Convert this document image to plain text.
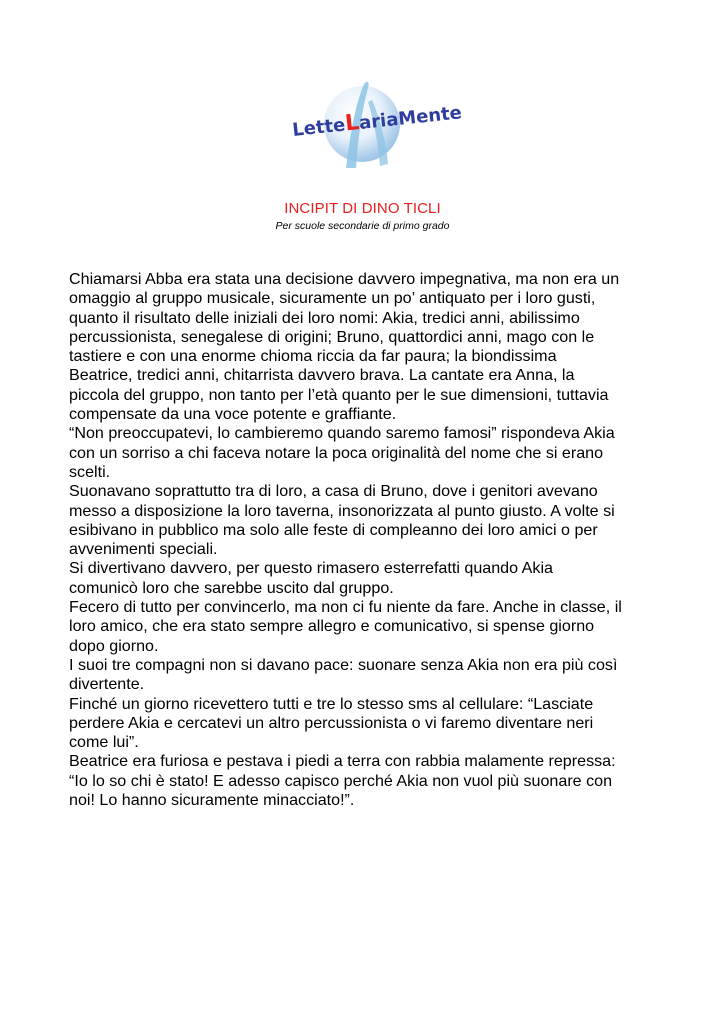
LetteLariaMente
INCIPIT DI DINO TICLI
Per scuole secondarie di primo grado

Chiamarsi Abba era stata una decisione davvero impegnativa, ma non era un

omaggio al gruppo musicale, sicuramente un po’ antiquato per i loro gusti,

quanto il risultato delle iniziali dei loro nomi: Akia, tredici anni, abilissimo

percussionista, senegalese di origini; Bruno, quattordici anni, mago con le

tastiere e con una enorme chioma riccia da far paura; la biondissima

Beatrice, tredici anni, chitarrista davvero brava. La cantate era Anna, la

piccola del gruppo, non tanto per l’età quanto per le sue dimensioni, tuttavia

compensate da una voce potente e graffiante.

“Non preoccupatevi, lo cambieremo quando saremo famosi” rispondeva Akia

con un sorriso a chi faceva notare la poca originalità del nome che si erano

scelti.

Suonavano soprattutto tra di loro, a casa di Bruno, dove i genitori avevano

messo a disposizione la loro taverna, insonorizzata al punto giusto. A volte si

esibivano in pubblico ma solo alle feste di compleanno dei loro amici o per

avvenimenti speciali.

Si divertivano davvero, per questo rimasero esterrefatti quando Akia

comunicò loro che sarebbe uscito dal gruppo.

Fecero di tutto per convincerlo, ma non ci fu niente da fare. Anche in classe, il

loro amico, che era stato sempre allegro e comunicativo, si spense giorno

dopo giorno.

I suoi tre compagni non si davano pace: suonare senza Akia non era più così

divertente.

Finché un giorno ricevettero tutti e tre lo stesso sms al cellulare: “Lasciate

perdere Akia e cercatevi un altro percussionista o vi faremo diventare neri

come lui”.

Beatrice era furiosa e pestava i piedi a terra con rabbia malamente repressa:

“Io lo so chi è stato! E adesso capisco perché Akia non vuol più suonare con

noi! Lo hanno sicuramente minacciato!”.
